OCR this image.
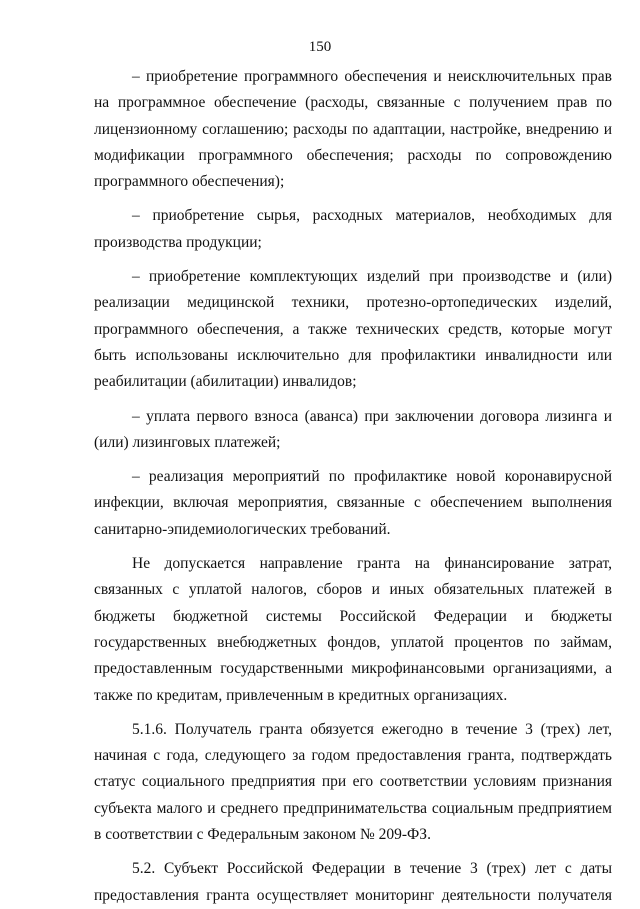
150

– приобретение программного обеспечения и неисключительных прав на программное обеспечение (расходы, связанные с получением прав по лицензионному соглашению; расходы по адаптации, настройке, внедрению и модификации программного обеспечения; расходы по сопровождению программного обеспечения);

– приобретение сырья, расходных материалов, необходимых для производства продукции;

– приобретение комплектующих изделий при производстве и (или) реализации медицинской техники, протезно-ортопедических изделий, программного обеспечения, а также технических средств, которые могут быть использованы исключительно для профилактики инвалидности или реабилитации (абилитации) инвалидов;

– уплата первого взноса (аванса) при заключении договора лизинга и (или) лизинговых платежей;

– реализация мероприятий по профилактике новой коронавирусной инфекции, включая мероприятия, связанные с обеспечением выполнения санитарно-эпидемиологических требований.

Не допускается направление гранта на финансирование затрат, связанных с уплатой налогов, сборов и иных обязательных платежей в бюджеты бюджетной системы Российской Федерации и бюджеты государственных внебюджетных фондов, уплатой процентов по займам, предоставленным государственными микрофинансовыми организациями, а также по кредитам, привлеченным в кредитных организациях.

5.1.6. Получатель гранта обязуется ежегодно в течение 3 (трех) лет, начиная с года, следующего за годом предоставления гранта, подтверждать статус социального предприятия при его соответствии условиям признания субъекта малого и среднего предпринимательства социальным предприятием в соответствии с Федеральным законом № 209-ФЗ.

5.2. Субъект Российской Федерации в течение 3 (трех) лет с даты предоставления гранта осуществляет мониторинг деятельности получателя
